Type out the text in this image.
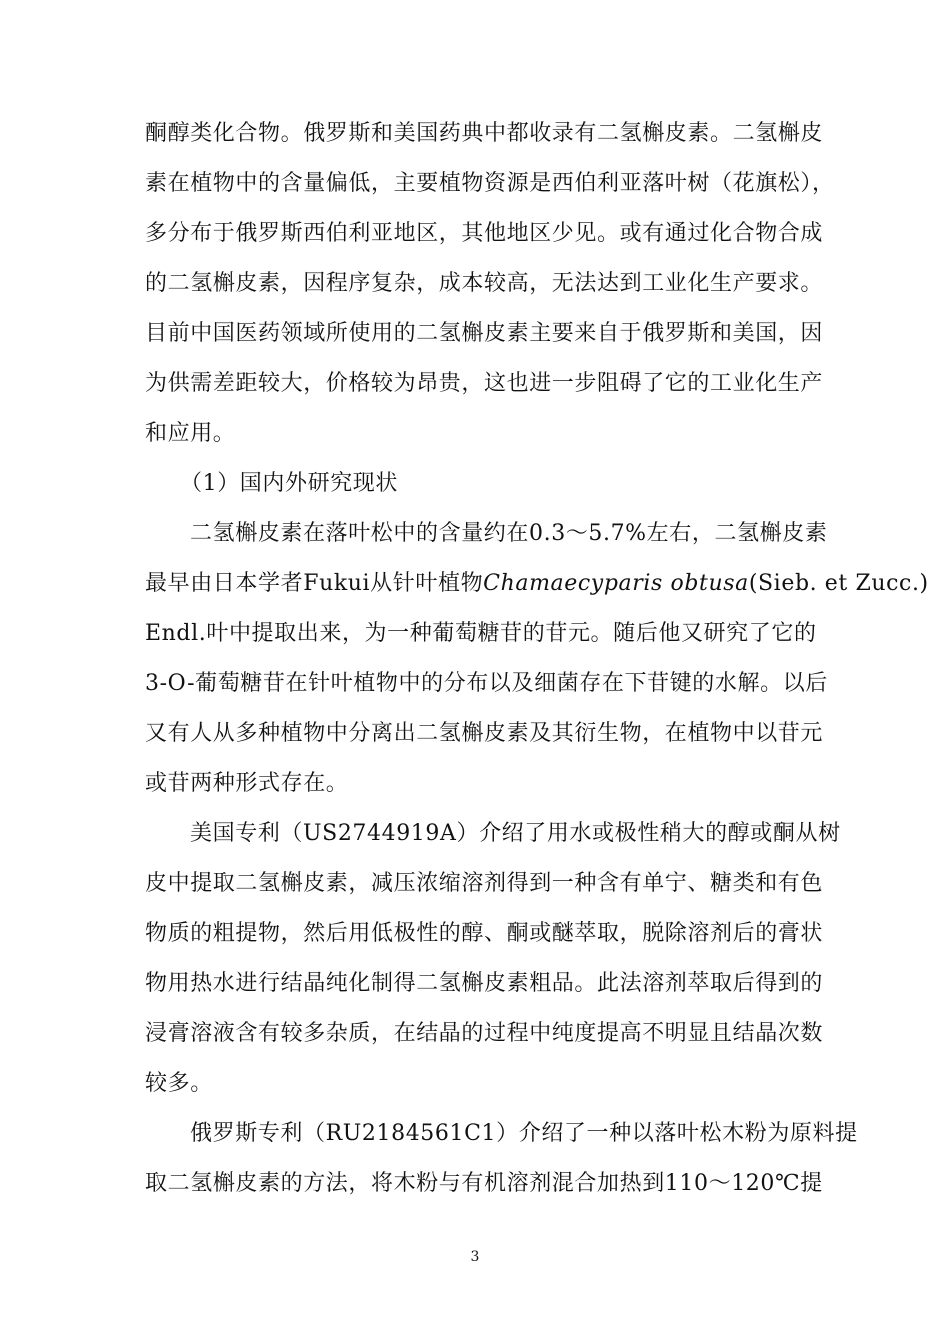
酮醇类化合物。俄罗斯和美国药典中都收录有二氢槲皮素。二氢槲皮
素在植物中的含量偏低，主要植物资源是西伯利亚落叶树（花旗松），
多分布于俄罗斯西伯利亚地区，其他地区少见。或有通过化合物合成
的二氢槲皮素，因程序复杂，成本较高，无法达到工业化生产要求。
目前中国医药领域所使用的二氢槲皮素主要来自于俄罗斯和美国，因
为供需差距较大，价格较为昂贵，这也进一步阻碍了它的工业化生产
和应用。
（1）国内外研究现状
二氢槲皮素在落叶松中的含量约在0.3～5.7%左右，二氢槲皮素
最早由日本学者Fukui从针叶植物Chamaecyparis obtusa(Sieb. et Zucc.)
Endl.叶中提取出来，为一种葡萄糖苷的苷元。随后他又研究了它的
3-O-葡萄糖苷在针叶植物中的分布以及细菌存在下苷键的水解。以后
又有人从多种植物中分离出二氢槲皮素及其衍生物，在植物中以苷元
或苷两种形式存在。
美国专利（US2744919A）介绍了用水或极性稍大的醇或酮从树
皮中提取二氢槲皮素，减压浓缩溶剂得到一种含有单宁、糖类和有色
物质的粗提物，然后用低极性的醇、酮或醚萃取，脱除溶剂后的膏状
物用热水进行结晶纯化制得二氢槲皮素粗品。此法溶剂萃取后得到的
浸膏溶液含有较多杂质，在结晶的过程中纯度提高不明显且结晶次数
较多。
俄罗斯专利（RU2184561C1）介绍了一种以落叶松木粉为原料提
取二氢槲皮素的方法，将木粉与有机溶剂混合加热到110～120℃提
3
